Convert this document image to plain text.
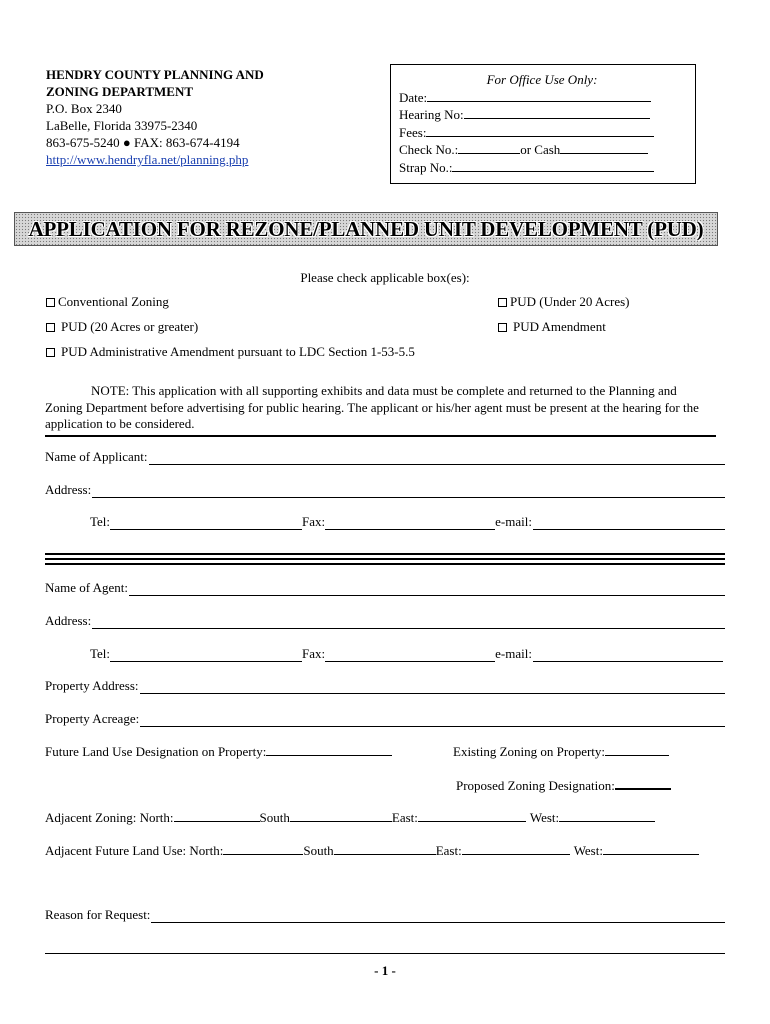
HENDRY COUNTY PLANNING AND
ZONING DEPARTMENT
P.O. Box 2340
LaBelle, Florida 33975-2340
863-675-5240 ● FAX: 863-674-4194
http://www.hendryfla.net/planning.php
For Office Use Only:
Date:
Hearing No:
Fees:
Check No.:	or Cash
Strap No.:
APPLICATION FOR REZONE/PLANNED UNIT DEVELOPMENT (PUD)
Please check applicable box(es):
Conventional Zoning	PUD (Under 20 Acres)
PUD (20 Acres or greater)	PUD Amendment
PUD Administrative Amendment pursuant to LDC Section 1-53-5.5
NOTE: This application with all supporting exhibits and data must be complete and returned to the Planning and Zoning Department before advertising for public hearing. The applicant or his/her agent must be present at the hearing for the application to be considered.
Name of Applicant:
Address:
Tel:	Fax:	e-mail:
Name of Agent:
Address:
Tel:	Fax:	e-mail:
Property Address:
Property Acreage:
Future Land Use Designation on Property:	Existing Zoning on Property:
Proposed Zoning Designation:
Adjacent Zoning: North:	South	East:	West:
Adjacent Future Land Use: North:	South	East:	West:
Reason for Request:
- 1 -
